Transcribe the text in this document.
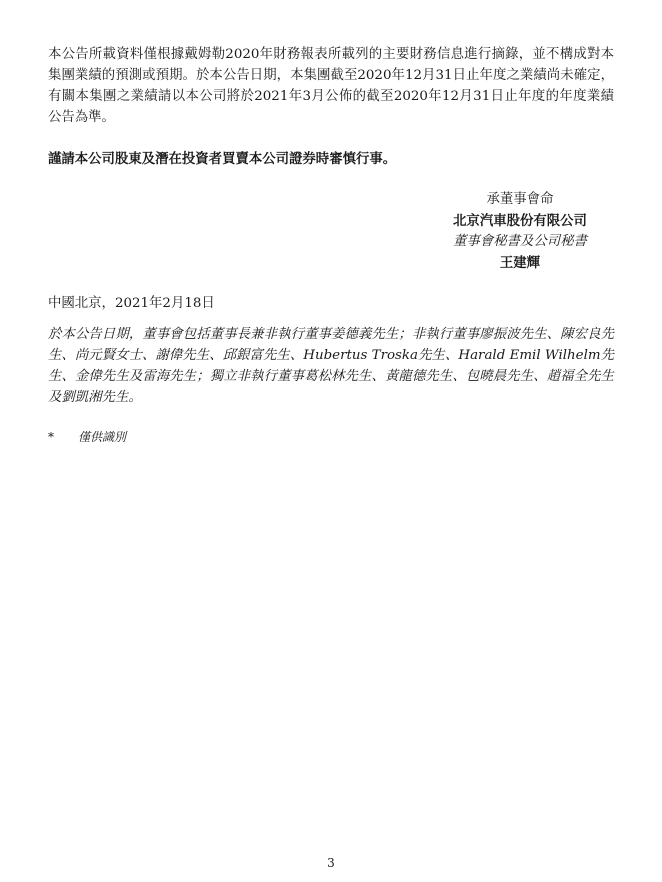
本公告所載資料僅根據戴姆勒2020年財務報表所載列的主要財務信息進行摘錄，並不構成對本集團業績的預測或預期。於本公告日期，本集團截至2020年12月31日止年度之業績尚未確定，有關本集團之業績請以本公司將於2021年3月公佈的截至2020年12月31日止年度的年度業績公告為準。
謹請本公司股東及潛在投資者買賣本公司證券時審慎行事。
承董事會命
北京汽車股份有限公司
董事會秘書及公司秘書
王建輝
中國北京，2021年2月18日
於本公告日期，董事會包括董事長兼非執行董事姜德義先生；非執行董事廖振波先生、陳宏良先生、尚元賢女士、謝偉先生、邱銀富先生、Hubertus Troska先生、Harald Emil Wilhelm先生、金偉先生及雷海先生；獨立非執行董事葛松林先生、黃龍德先生、包曉晨先生、趙福全先生及劉凱湘先生。
* 僅供識別
3
